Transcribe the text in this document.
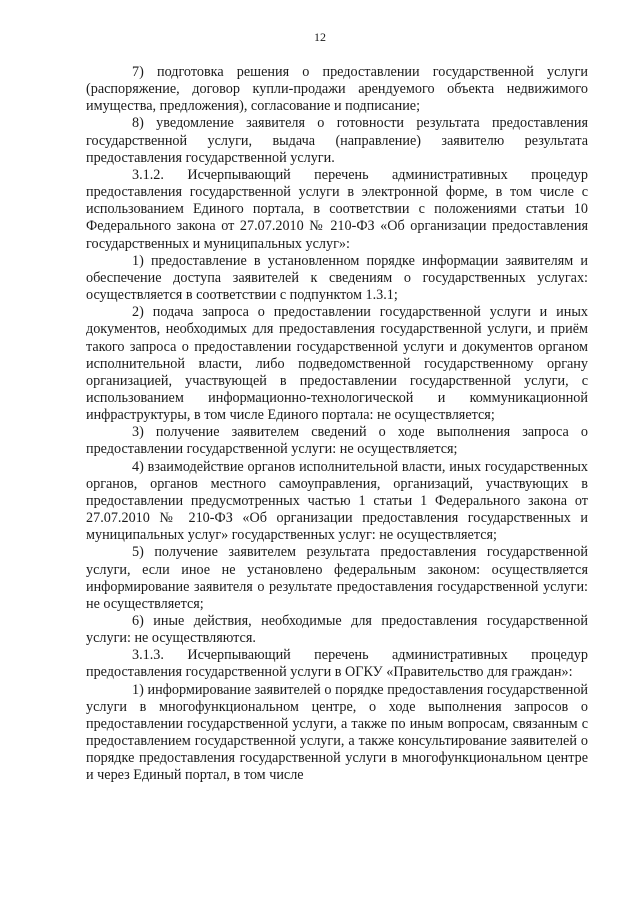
12

7) подготовка решения о предоставлении государственной услуги (распоряжение, договор купли-продажи арендуемого объекта недвижимого имущества, предложения), согласование и подписание;

8) уведомление заявителя о готовности результата предоставления государственной услуги, выдача (направление) заявителю результата предоставления государственной услуги.

3.1.2. Исчерпывающий перечень административных процедур предоставления государственной услуги в электронной форме, в том числе с использованием Единого портала, в соответствии с положениями статьи 10 Федерального закона от 27.07.2010 № 210-ФЗ «Об организации предоставления государственных и муниципальных услуг»:

1) предоставление в установленном порядке информации заявителям и обеспечение доступа заявителей к сведениям о государственных услугах: осуществляется в соответствии с подпунктом 1.3.1;

2) подача запроса о предоставлении государственной услуги и иных документов, необходимых для предоставления государственной услуги, и приём такого запроса о предоставлении государственной услуги и документов органом исполнительной власти, либо подведомственной государственному органу организацией, участвующей в предоставлении государственной услуги, с использованием информационно-технологической и коммуникационной инфраструктуры, в том числе Единого портала: не осуществляется;

3) получение заявителем сведений о ходе выполнения запроса о предоставлении государственной услуги: не осуществляется;

4) взаимодействие органов исполнительной власти, иных государственных органов, органов местного самоуправления, организаций, участвующих в предоставлении предусмотренных частью 1 статьи 1 Федерального закона от 27.07.2010 № 210-ФЗ «Об организации предоставления государственных и муниципальных услуг» государственных услуг: не осуществляется;

5) получение заявителем результата предоставления государственной услуги, если иное не установлено федеральным законом: осуществляется информирование заявителя о результате предоставления государственной услуги: не осуществляется;

6) иные действия, необходимые для предоставления государственной услуги: не осуществляются.

3.1.3. Исчерпывающий перечень административных процедур предоставления государственной услуги в ОГКУ «Правительство для граждан»:

1) информирование заявителей о порядке предоставления государственной услуги в многофункциональном центре, о ходе выполнения запросов о предоставлении государственной услуги, а также по иным вопросам, связанным с предоставлением государственной услуги, а также консультирование заявителей о порядке предоставления государственной услуги в многофункциональном центре и через Единый портал, в том числе
